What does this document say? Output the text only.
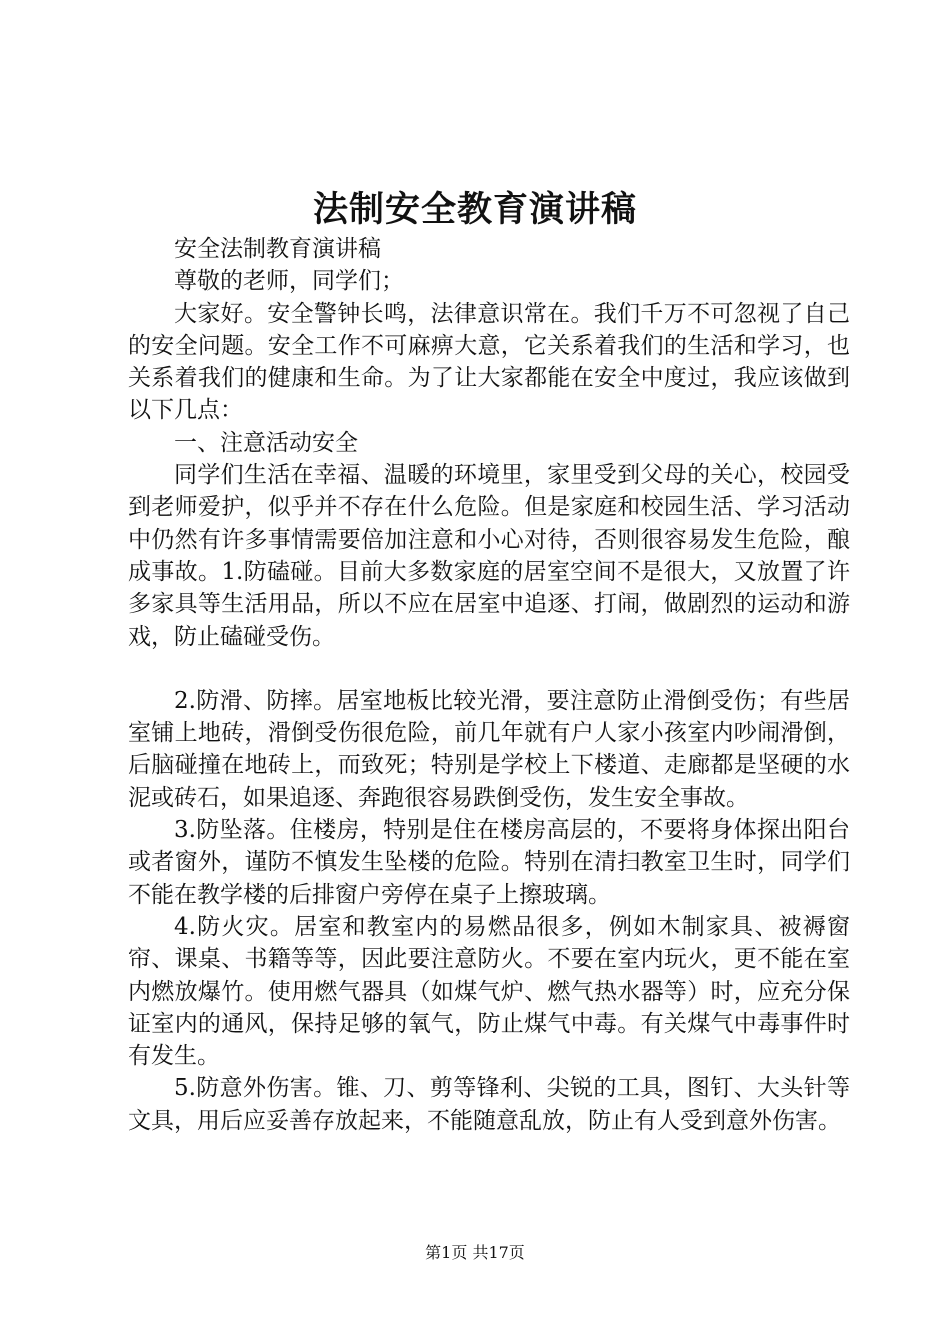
法制安全教育演讲稿

安全法制教育演讲稿

尊敬的老师，同学们；

大家好。安全警钟长鸣，法律意识常在。我们千万不可忽视了自己的安全问题。安全工作不可麻痹大意，它关系着我们的生活和学习，也关系着我们的健康和生命。为了让大家都能在安全中度过，我应该做到以下几点：

一、注意活动安全

同学们生活在幸福、温暖的环境里，家里受到父母的关心，校园受到老师爱护，似乎并不存在什么危险。但是家庭和校园生活、学习活动中仍然有许多事情需要倍加注意和小心对待，否则很容易发生危险，酿成事故。1.防磕碰。目前大多数家庭的居室空间不是很大，又放置了许多家具等生活用品，所以不应在居室中追逐、打闹，做剧烈的运动和游戏，防止磕碰受伤。

2.防滑、防摔。居室地板比较光滑，要注意防止滑倒受伤；有些居室铺上地砖，滑倒受伤很危险，前几年就有户人家小孩室内吵闹滑倒，后脑碰撞在地砖上，而致死；特别是学校上下楼道、走廊都是坚硬的水泥或砖石，如果追逐、奔跑很容易跌倒受伤，发生安全事故。

3.防坠落。住楼房，特别是住在楼房高层的，不要将身体探出阳台或者窗外，谨防不慎发生坠楼的危险。特别在清扫教室卫生时，同学们不能在教学楼的后排窗户旁停在桌子上擦玻璃。

4.防火灾。居室和教室内的易燃品很多，例如木制家具、被褥窗帘、课桌、书籍等等，因此要注意防火。不要在室内玩火，更不能在室内燃放爆竹。使用燃气器具（如煤气炉、燃气热水器等）时，应充分保证室内的通风，保持足够的氧气，防止煤气中毒。有关煤气中毒事件时有发生。

5.防意外伤害。锥、刀、剪等锋利、尖锐的工具，图钉、大头针等文具，用后应妥善存放起来，不能随意乱放，防止有人受到意外伤害。

第1页 共17页
